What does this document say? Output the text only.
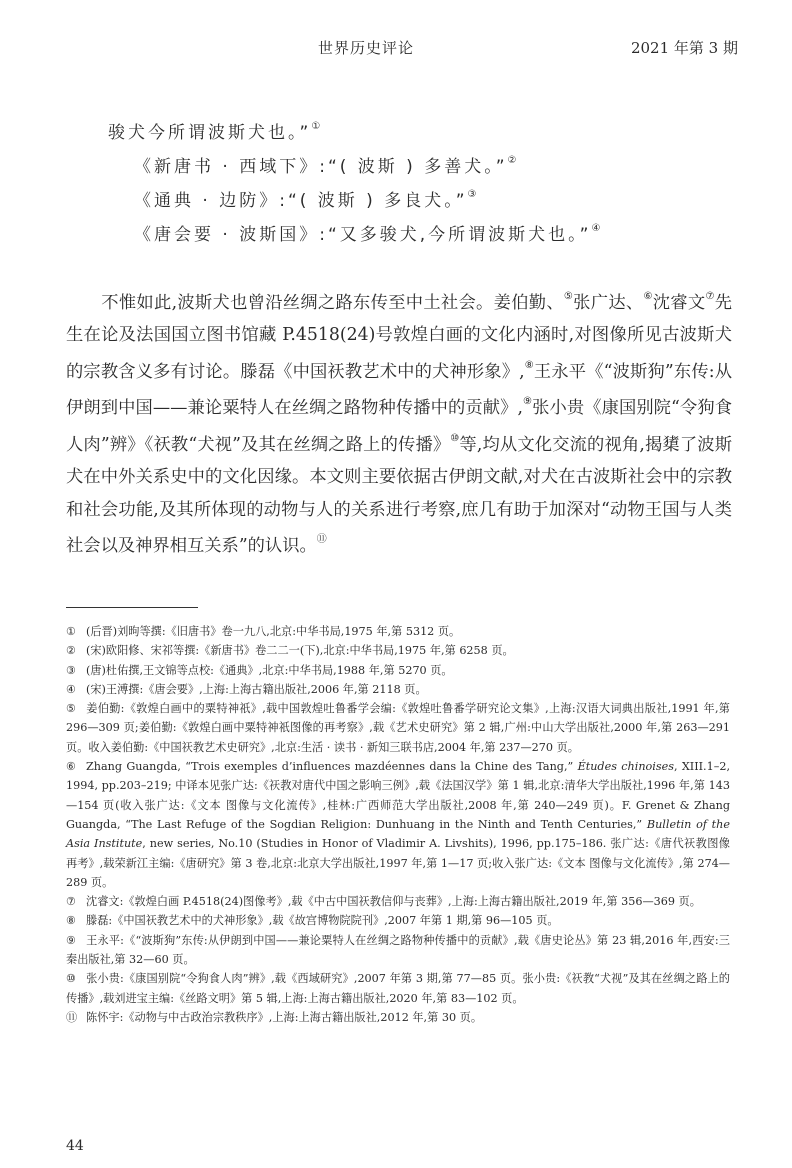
世界历史评论	2021 年第 3 期
骏犬今所谓波斯犬也。”①
《新唐书 · 西域下》:“( 波斯 ) 多善犬。”②
《通典 · 边防》:“( 波斯 ) 多良犬。”③
《唐会要 · 波斯国》:“又多骏犬,今所谓波斯犬也。”④

不惟如此,波斯犬也曾沿丝绸之路东传至中土社会。姜伯勤、⑤张广达、⑥沈睿文⑦先生在论及法国国立图书馆藏 P.4518(24)号敦煌白画的文化内涵时,对图像所见古波斯犬的宗教含义多有讨论。滕磊《中国祆教艺术中的犬神形象》,⑧王永平《“波斯狗”东传:从伊朗到中国——兼论粟特人在丝绸之路物种传播中的贡献》,⑨张小贵《康国别院“令狗食人肉”辨》《祆教“犬视”及其在丝绸之路上的传播》⑩等,均从文化交流的视角,揭橥了波斯犬在中外关系史中的文化因缘。本文则主要依据古伊朗文献,对犬在古波斯社会中的宗教和社会功能,及其所体现的动物与人的关系进行考察,庶几有助于加深对“动物王国与人类社会以及神界相互关系”的认识。⑪

① (后晋)刘昫等撰:《旧唐书》卷一九八,北京:中华书局,1975 年,第 5312 页。

② (宋)欧阳修、宋祁等撰:《新唐书》卷二二一(下),北京:中华书局,1975 年,第 6258 页。

③ (唐)杜佑撰,王文锦等点校:《通典》,北京:中华书局,1988 年,第 5270 页。

④ (宋)王溥撰:《唐会要》,上海:上海古籍出版社,2006 年,第 2118 页。

⑤ 姜伯勤:《敦煌白画中的粟特神祇》,载中国敦煌吐鲁番学会编:《敦煌吐鲁番学研究论文集》,上海:汉语大词典出版社,1991 年,第 296—309 页;姜伯勤:《敦煌白画中粟特神祇图像的再考察》,载《艺术史研究》第 2 辑,广州:中山大学出版社,2000 年,第 263—291 页。收入姜伯勤:《中国祆教艺术史研究》,北京:生活 · 读书 · 新知三联书店,2004 年,第 237—270 页。

⑥ Zhang Guangda, “Trois exemples d’influences mazdéennes dans la Chine des Tang,” Études chinoises, XIII.1–2, 1994, pp.203–219; 中译本见张广达:《祆教对唐代中国之影响三例》,载《法国汉学》第 1 辑,北京:清华大学出版社,1996 年,第 143—154 页(收入张广达:《文本 图像与文化流传》,桂林:广西师范大学出版社,2008 年,第 240—249 页)。F. Grenet & Zhang Guangda, “The Last Refuge of the Sogdian Religion: Dunhuang in the Ninth and Tenth Centuries,” Bulletin of the Asia Institute, new series, No.10 (Studies in Honor of Vladimir A. Livshits), 1996, pp.175–186. 张广达:《唐代祆教图像再考》,载荣新江主编:《唐研究》第 3 卷,北京:北京大学出版社,1997 年,第 1—17 页;收入张广达:《文本 图像与文化流传》,第 274—289 页。

⑦ 沈睿文:《敦煌白画 P.4518(24)图像考》,载《中古中国祆教信仰与丧葬》,上海:上海古籍出版社,2019 年,第 356—369 页。

⑧ 滕磊:《中国祆教艺术中的犬神形象》,载《故宫博物院院刊》,2007 年第 1 期,第 96—105 页。

⑨ 王永平:《“波斯狗”东传:从伊朗到中国——兼论粟特人在丝绸之路物种传播中的贡献》,载《唐史论丛》第 23 辑,2016 年,西安:三秦出版社,第 32—60 页。

⑩ 张小贵:《康国别院“令狗食人肉”辨》,载《西域研究》,2007 年第 3 期,第 77—85 页。张小贵:《祆教“犬视”及其在丝绸之路上的传播》,载刘进宝主编:《丝路文明》第 5 辑,上海:上海古籍出版社,2020 年,第 83—102 页。

⑪ 陈怀宇:《动物与中古政治宗教秩序》,上海:上海古籍出版社,2012 年,第 30 页。

44
